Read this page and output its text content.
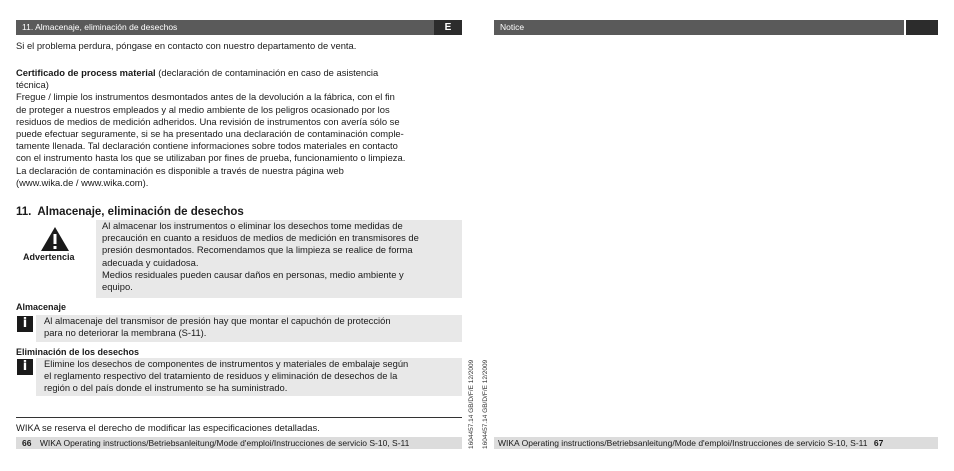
11. Almacenaje, eliminación de desechos	E
Si el problema perdura, póngase en contacto con nuestro departamento de venta.
Certificado de process material (declaración de contaminación en caso de asistencia
técnica)
Fregue / limpie los instrumentos desmontados antes de la devolución a la fábrica, con el fin
de proteger a nuestros empleados y al medio ambiente de los peligros ocasionado por los
residuos de medios de medición adheridos. Una revisión de instrumentos con avería sólo se
puede efectuar seguramente, si se ha presentado una declaración de contaminación comple-
tamente llenada. Tal declaración contiene informaciones sobre todos materiales en contacto
con el instrumento hasta los que se utilizaban por fines de prueba, funcionamiento o limpieza.
La declaración de contaminación es disponible a través de nuestra página web
(www.wika.de / www.wika.com).
11. Almacenaje, eliminación de desechos
Advertencia
Al almacenar los instrumentos o eliminar los desechos tome medidas de
precaución en cuanto a residuos de medios de medición en transmisores de
presión desmontados. Recomendamos que la limpieza se realice de forma
adecuada y cuidadosa.
Medios residuales pueden causar daños en personas, medio ambiente y
equipo.
Almacenaje
i	Al almacenaje del transmisor de presión hay que montar el capuchón de protección
para no deteriorar la membrana (S-11).
Eliminación de los desechos
i	Elimine los desechos de componentes de instrumentos y materiales de embalaje según
el reglamento respectivo del tratamiento de residuos y eliminación de desechos de la
región o del país donde el instrumento se ha suministrado.
WIKA se reserva el derecho de modificar las especificaciones detalladas.
66 WIKA Operating instructions/Betriebsanleitung/Mode d'emploi/Instrucciones de servicio S-10, S-11	1604457.14 GB/D/F/E 12/2009
Notice
WIKA Operating instructions/Betriebsanleitung/Mode d'emploi/Instrucciones de servicio S-10, S-11 67
1604457.14 GB/D/F/E 12/2009
